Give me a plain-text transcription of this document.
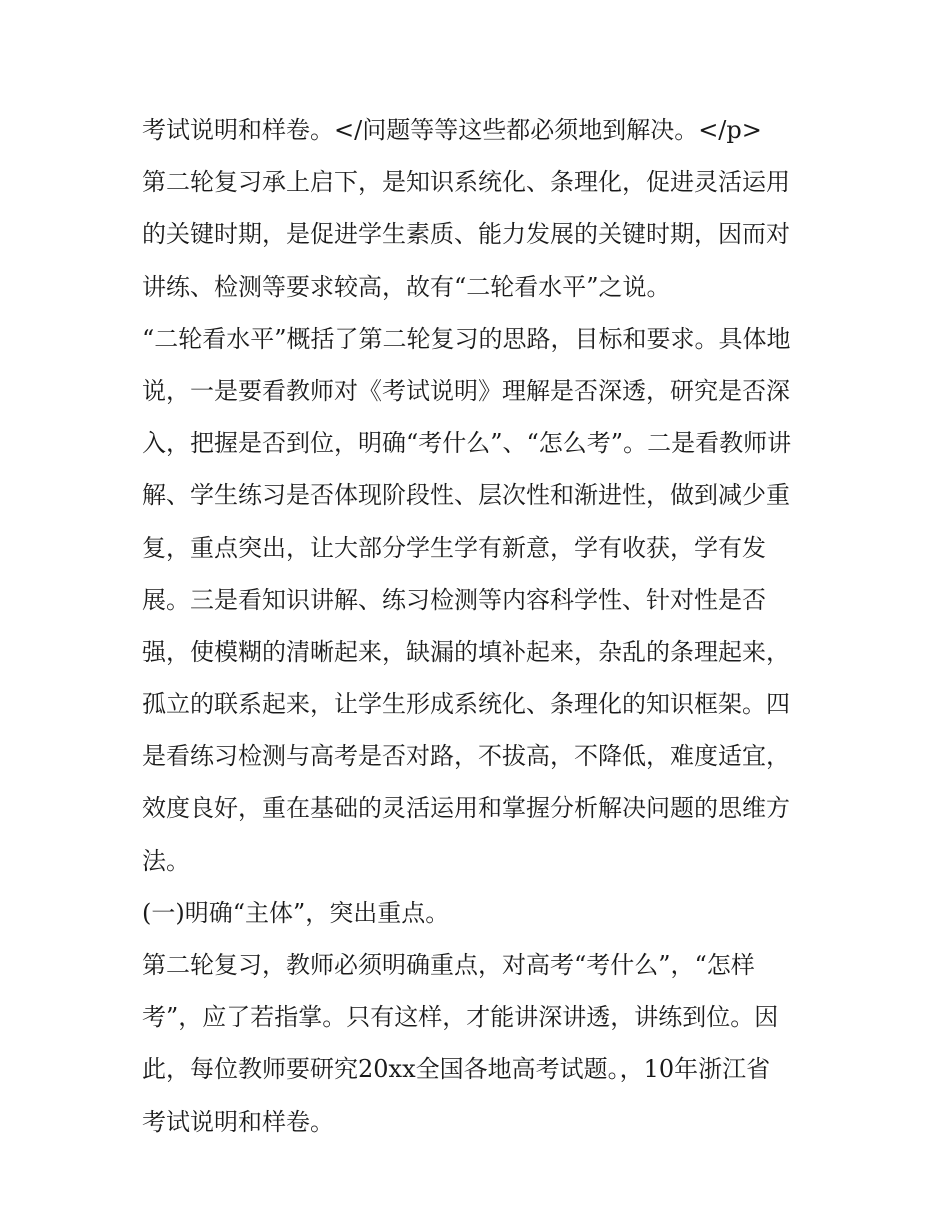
考试说明和样卷。</问题等等这些都必须地到解决。</p>
第二轮复习承上启下，是知识系统化、条理化，促进灵活运用
的关键时期，是促进学生素质、能力发展的关键时期，因而对
讲练、检测等要求较高，故有“二轮看水平”之说。
“二轮看水平”概括了第二轮复习的思路，目标和要求。具体地
说，一是要看教师对《考试说明》理解是否深透，研究是否深
入，把握是否到位，明确“考什么”、“怎么考”。二是看教师讲
解、学生练习是否体现阶段性、层次性和渐进性，做到减少重
复，重点突出，让大部分学生学有新意，学有收获，学有发
展。三是看知识讲解、练习检测等内容科学性、针对性是否
强，使模糊的清晰起来，缺漏的填补起来，杂乱的条理起来，
孤立的联系起来，让学生形成系统化、条理化的知识框架。四
是看练习检测与高考是否对路，不拔高，不降低，难度适宜，
效度良好，重在基础的灵活运用和掌握分析解决问题的思维方
法。
(一)明确“主体”，突出重点。
第二轮复习，教师必须明确重点，对高考“考什么”，“怎样
考”，应了若指掌。只有这样，才能讲深讲透，讲练到位。因
此，每位教师要研究20xx全国各地高考试题。，10年浙江省
考试说明和样卷。
